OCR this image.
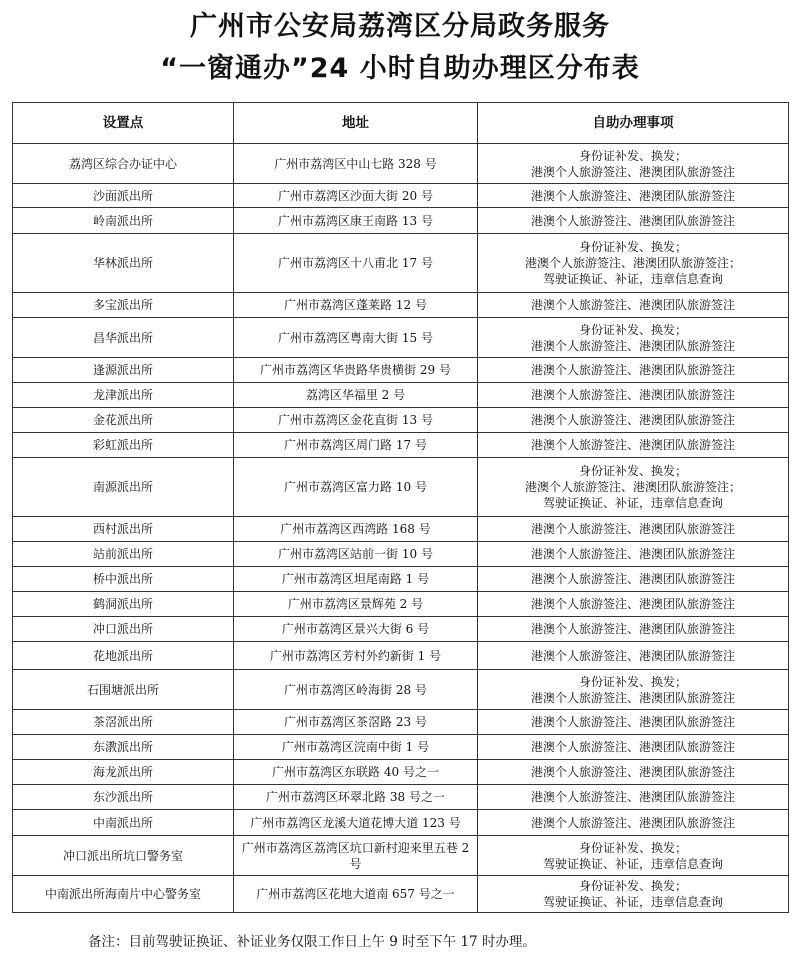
广州市公安局荔湾区分局政务服务
“一窗通办”24 小时自助办理区分布表
设置点	地址	自助办理事项
荔湾区综合办证中心	广州市荔湾区中山七路 328 号	身份证补发、换发；
港澳个人旅游签注、港澳团队旅游签注

沙面派出所	广州市荔湾区沙面大街 20 号	港澳个人旅游签注、港澳团队旅游签注

岭南派出所	广州市荔湾区康王南路 13 号	港澳个人旅游签注、港澳团队旅游签注

华林派出所	广州市荔湾区十八甫北 17 号	身份证补发、换发；
港澳个人旅游签注、港澳团队旅游签注；
驾驶证换证、补证，违章信息查询

多宝派出所	广州市荔湾区蓬莱路 12 号	港澳个人旅游签注、港澳团队旅游签注

昌华派出所	广州市荔湾区粤南大街 15 号	身份证补发、换发；
港澳个人旅游签注、港澳团队旅游签注

逢源派出所	广州市荔湾区华贵路华贵横街 29 号	港澳个人旅游签注、港澳团队旅游签注

龙津派出所	荔湾区华福里 2 号	港澳个人旅游签注、港澳团队旅游签注

金花派出所	广州市荔湾区金花直街 13 号	港澳个人旅游签注、港澳团队旅游签注

彩虹派出所	广州市荔湾区周门路 17 号	港澳个人旅游签注、港澳团队旅游签注

南源派出所	广州市荔湾区富力路 10 号	身份证补发、换发；
港澳个人旅游签注、港澳团队旅游签注；
驾驶证换证、补证，违章信息查询

西村派出所	广州市荔湾区西湾路 168 号	港澳个人旅游签注、港澳团队旅游签注

站前派出所	广州市荔湾区站前一街 10 号	港澳个人旅游签注、港澳团队旅游签注

桥中派出所	广州市荔湾区坦尾南路 1 号	港澳个人旅游签注、港澳团队旅游签注

鹤洞派出所	广州市荔湾区景辉苑 2 号	港澳个人旅游签注、港澳团队旅游签注

冲口派出所	广州市荔湾区景兴大街 6 号	港澳个人旅游签注、港澳团队旅游签注

花地派出所	广州市荔湾区芳村外约新街 1 号	港澳个人旅游签注、港澳团队旅游签注

石围塘派出所	广州市荔湾区岭海街 28 号	身份证补发、换发；
港澳个人旅游签注、港澳团队旅游签注

茶滘派出所	广州市荔湾区茶滘路 23 号	港澳个人旅游签注、港澳团队旅游签注

东漖派出所	广州市荔湾区浣南中街 1 号	港澳个人旅游签注、港澳团队旅游签注

海龙派出所	广州市荔湾区东联路 40 号之一	港澳个人旅游签注、港澳团队旅游签注

东沙派出所	广州市荔湾区环翠北路 38 号之一	港澳个人旅游签注、港澳团队旅游签注

中南派出所	广州市荔湾区龙溪大道花博大道 123 号	港澳个人旅游签注、港澳团队旅游签注

冲口派出所坑口警务室	广州市荔湾区荔湾区坑口新村迎来里五巷 2 号	身份证补发、换发；
驾驶证换证、补证，违章信息查询

中南派出所海南片中心警务室	广州市荔湾区花地大道南 657 号之一	身份证补发、换发；
驾驶证换证、补证，违章信息查询
备注：目前驾驶证换证、补证业务仅限工作日上午 9 时至下午 17 时办理。
